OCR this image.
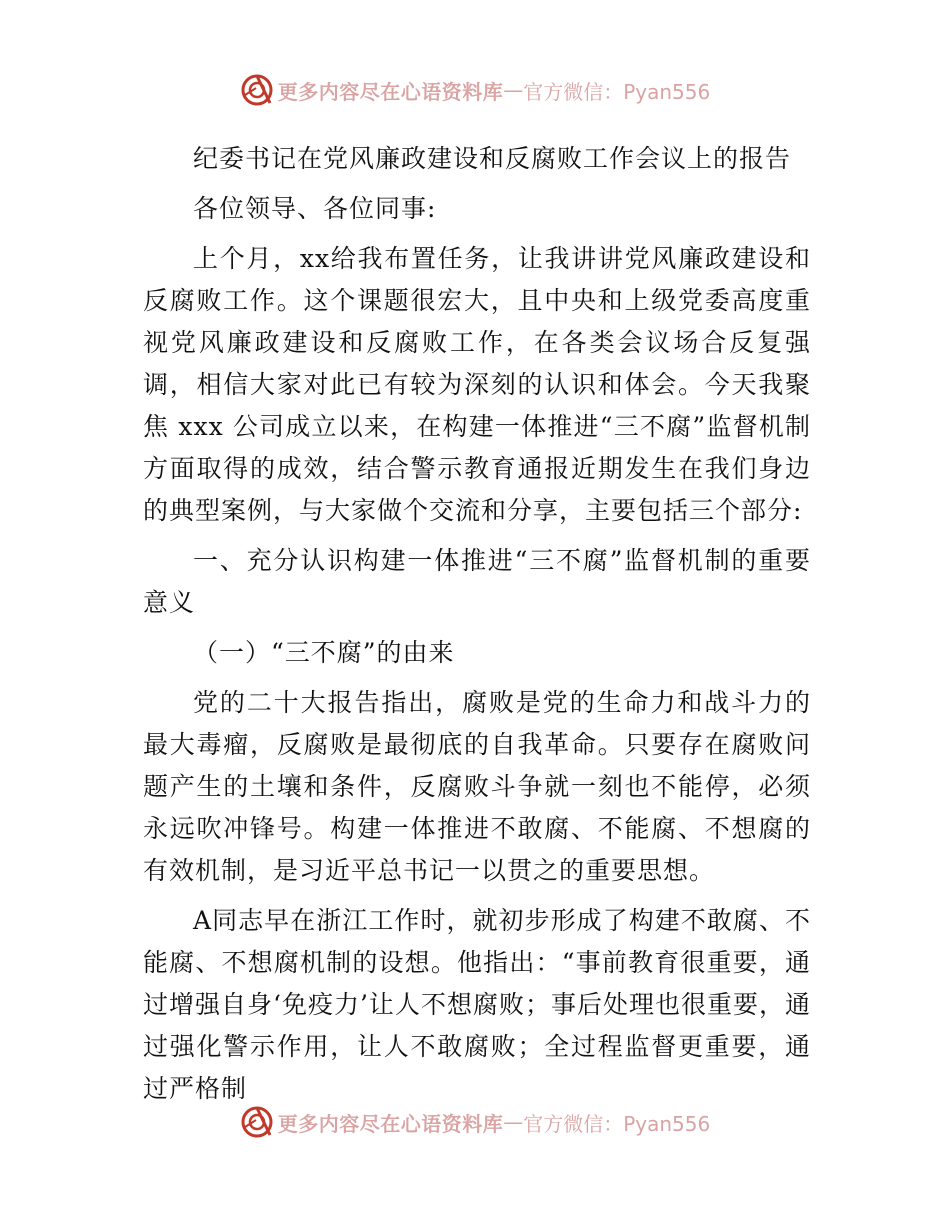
更多内容尽在心语资料库 — 官方微信：Pyan556

纪委书记在党风廉政建设和反腐败工作会议上的报告

各位领导、各位同事:

上个月，xx给我布置任务，让我讲讲党风廉政建设和反腐败工作。这个课题很宏大，且中央和上级党委高度重视党风廉政建设和反腐败工作，在各类会议场合反复强调，相信大家对此已有较为深刻的认识和体会。今天我聚焦 xxx 公司成立以来，在构建一体推进“三不腐”监督机制方面取得的成效，结合警示教育通报近期发生在我们身边的典型案例，与大家做个交流和分享，主要包括三个部分:

一、充分认识构建一体推进“三不腐”监督机制的重要意义

（一）“三不腐”的由来

党的二十大报告指出，腐败是党的生命力和战斗力的最大毒瘤，反腐败是最彻底的自我革命。只要存在腐败问题产生的土壤和条件，反腐败斗争就一刻也不能停，必须永远吹冲锋号。构建一体推进不敢腐、不能腐、不想腐的有效机制，是习近平总书记一以贯之的重要思想。

A同志早在浙江工作时，就初步形成了构建不敢腐、不能腐、不想腐机制的设想。他指出：“事前教育很重要，通过增强自身‘免疫力’让人不想腐败；事后处理也很重要，通过强化警示作用，让人不敢腐败；全过程监督更重要，通过严格制

更多内容尽在心语资料库 — 官方微信：Pyan556
